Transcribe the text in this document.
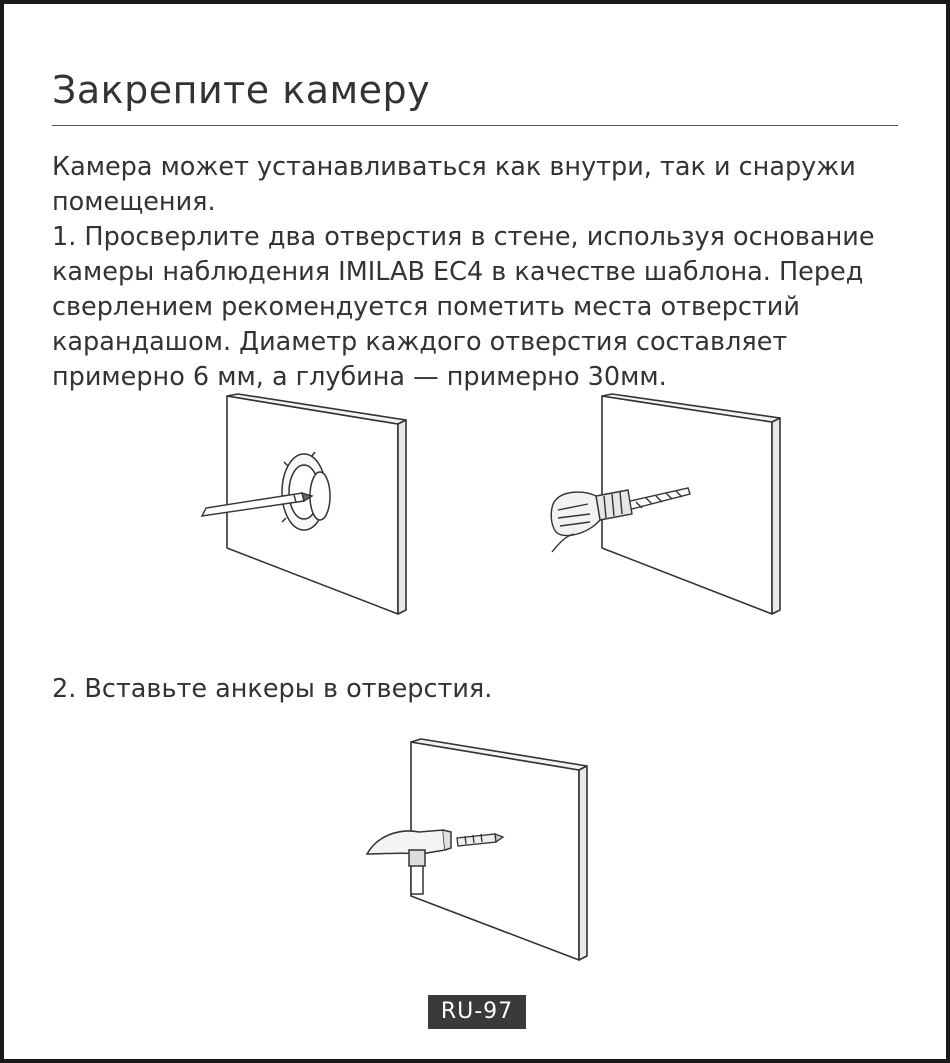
Закрепите камеру

Камера может устанавливаться как внутри, так и снаружи помещения.

1. Просверлите два отверстия в стене, используя основание камеры наблюдения IMILAB EC4 в качестве шаблона. Перед сверлением рекомендуется пометить места отверстий карандашом. Диаметр каждого отверстия составляет примерно 6 мм, а глубина — примерно 30мм.

2. Вставьте анкеры в отверстия.

RU-97
